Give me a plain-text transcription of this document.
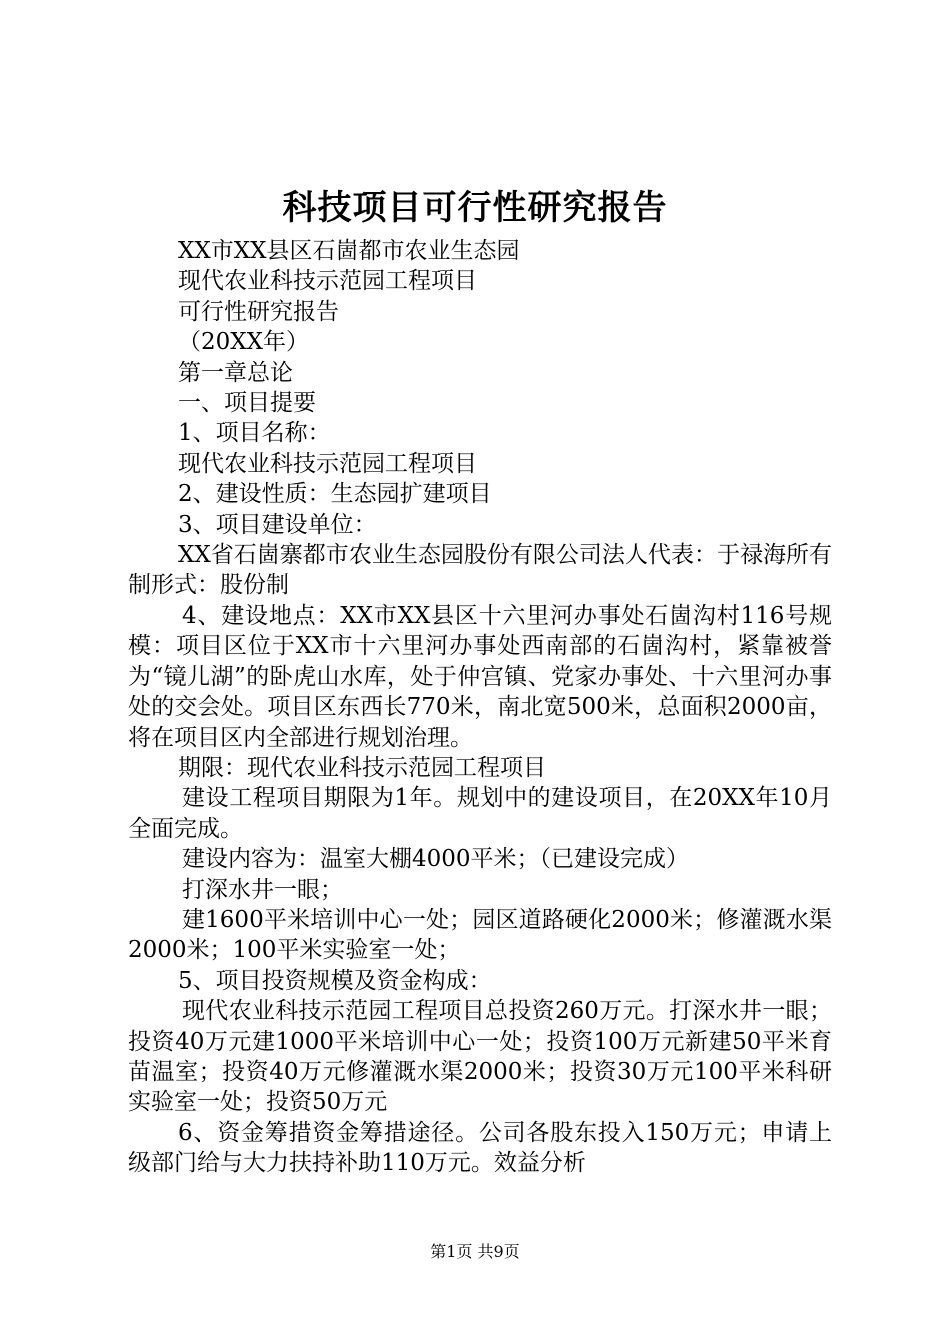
科技项目可行性研究报告

XX市XX县区石崮都市农业生态园

现代农业科技示范园工程项目

可行性研究报告

（20XX年）

第一章总论

一、项目提要

1、项目名称：

现代农业科技示范园工程项目

2、建设性质：生态园扩建项目

3、项目建设单位：

XX省石崮寨都市农业生态园股份有限公司法人代表：于禄海所有制形式：股份制

4、建设地点：XX市XX县区十六里河办事处石崮沟村116号规模：项目区位于XX市十六里河办事处西南部的石崮沟村，紧靠被誉为“镜儿湖”的卧虎山水库，处于仲宫镇、党家办事处、十六里河办事处的交会处。项目区东西长770米，南北宽500米，总面积2000亩，将在项目区内全部进行规划治理。

期限：现代农业科技示范园工程项目

建设工程项目期限为1年。规划中的建设项目，在20XX年10月全面完成。

建设内容为：温室大棚4000平米；（已建设完成）

打深水井一眼；

建1600平米培训中心一处；园区道路硬化2000米；修灌溉水渠2000米；100平米实验室一处；

5、项目投资规模及资金构成：

现代农业科技示范园工程项目总投资260万元。打深水井一眼；投资40万元建1000平米培训中心一处；投资100万元新建50平米育苗温室；投资40万元修灌溉水渠2000米；投资30万元100平米科研实验室一处；投资50万元

6、资金筹措资金筹措途径。公司各股东投入150万元；申请上级部门给与大力扶持补助110万元。效益分析

第1页 共9页
